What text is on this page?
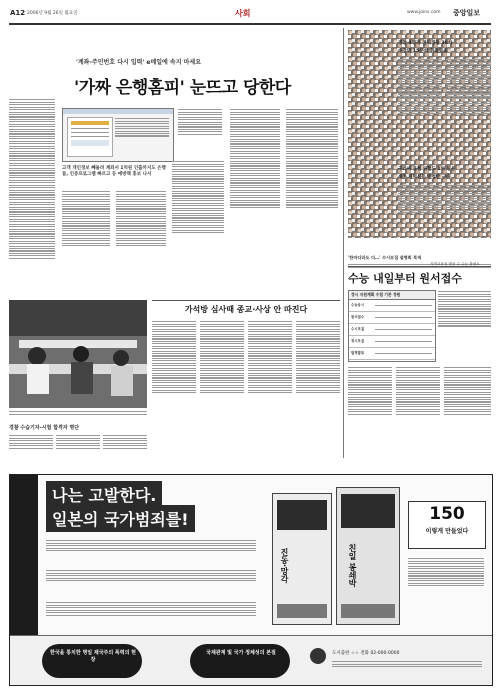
A12 2006년 9월 26일 월요일	사회	www.joins.com 중앙일보
'계좌-주민번호 다시 입력' e메일에 속지 마세요
'가짜 은행홈피' 눈뜨고 당한다
고객 개인정보 빼돌려 계좌서 1억원 인출까지도 은행들, 인증프로그램 빠르고 등 예방책 홍보 나서
경찰 4명과 전의경들 38차
수갑만 15분씩 휘둘렀음
구리씨 표현 위험도 1억 원은
세종 지역신문 방청만 구속
'한마디라도 더…' 수시모집 설명회 북적
경찰 수습기자-시험 합격자 명단
가석방 심사때 종교·사상 안 따진다
수능 내일부터 원서접수
지역교육청 방문 수 수능 불필요
정시 지원계획 수립 기본 정원
수능응시
원서접수
수시모집
정시모집
합격발표
나는 고발한다.
일본의 국가범죄를!
진동·망각	친일 봉쇄박
150
이렇게 만들었다
한국을 통치한 명일 제국주의 폭력의 현장
국제관계 및 국가 정체성의 본질	도서출판 ☆☆ 전화 02-000-0000
